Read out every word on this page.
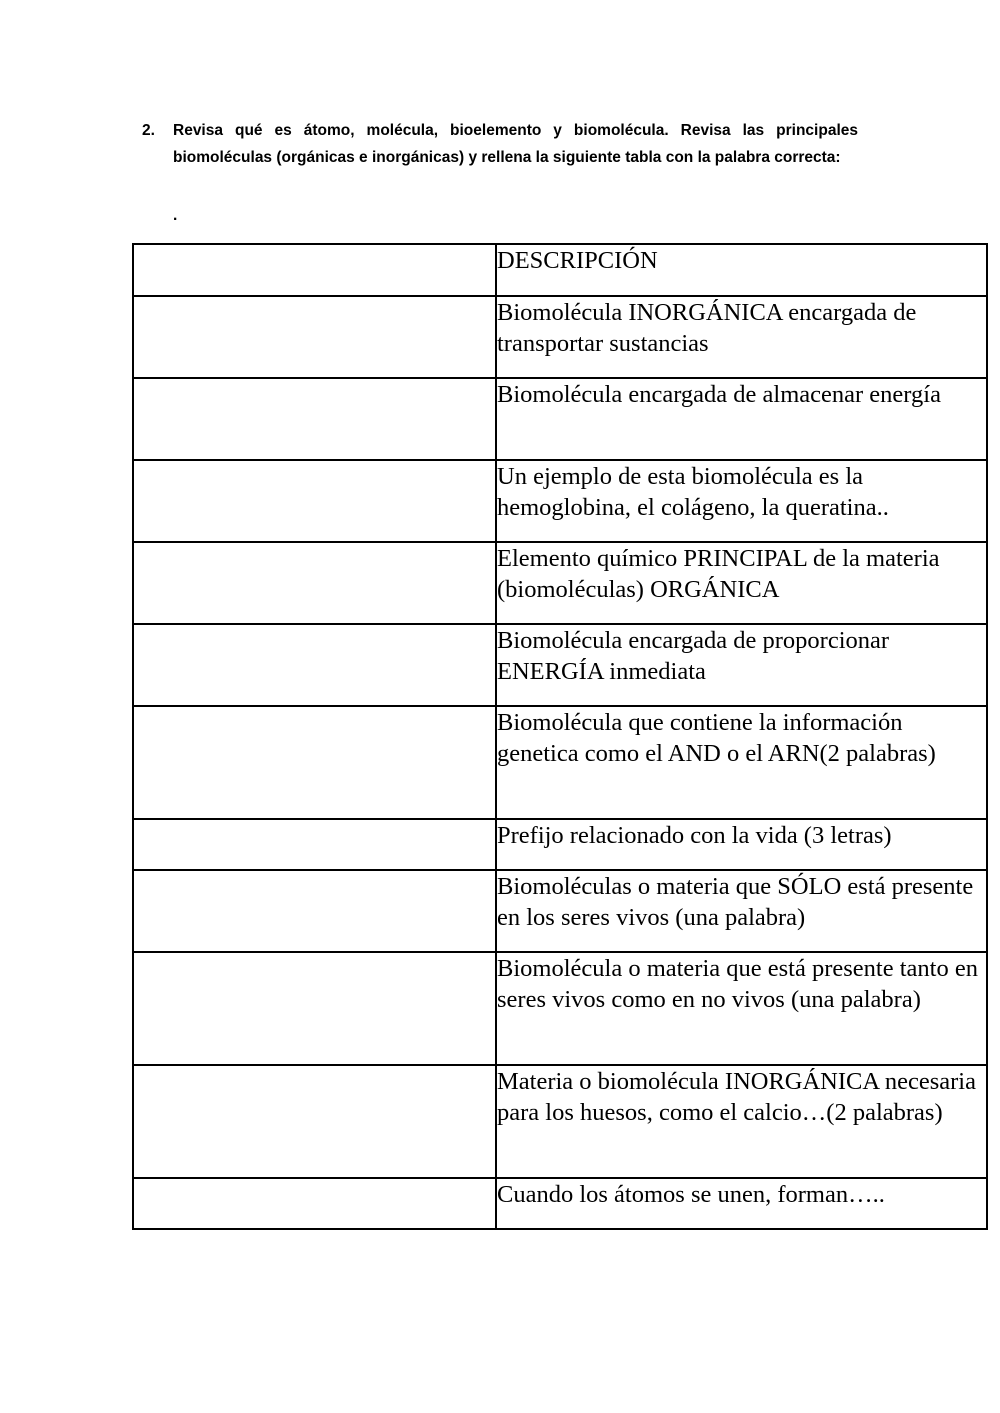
2. Revisa qué es átomo, molécula, bioelemento y biomolécula. Revisa las principales biomoléculas (orgánicas e inorgánicas) y rellena la siguiente tabla con la palabra correcta:
.
	DESCRIPCIÓN
	Biomolécula INORGÁNICA encargada de transportar sustancias
	Biomolécula encargada de almacenar energía
	Un ejemplo de esta biomolécula es la hemoglobina, el colágeno, la queratina..
	Elemento químico PRINCIPAL de la materia (biomoléculas) ORGÁNICA
	Biomolécula encargada de proporcionar ENERGÍA inmediata
	Biomolécula que contiene la información genetica como el AND o el ARN(2 palabras)
	Prefijo relacionado con la vida (3 letras)
	Biomoléculas o materia que SÓLO está presente en los seres vivos (una palabra)
	Biomolécula o materia que está presente tanto en seres vivos como en no vivos (una palabra)
	Materia o biomolécula INORGÁNICA necesaria para los huesos, como el calcio…(2 palabras)
	Cuando los átomos se unen, forman…..
